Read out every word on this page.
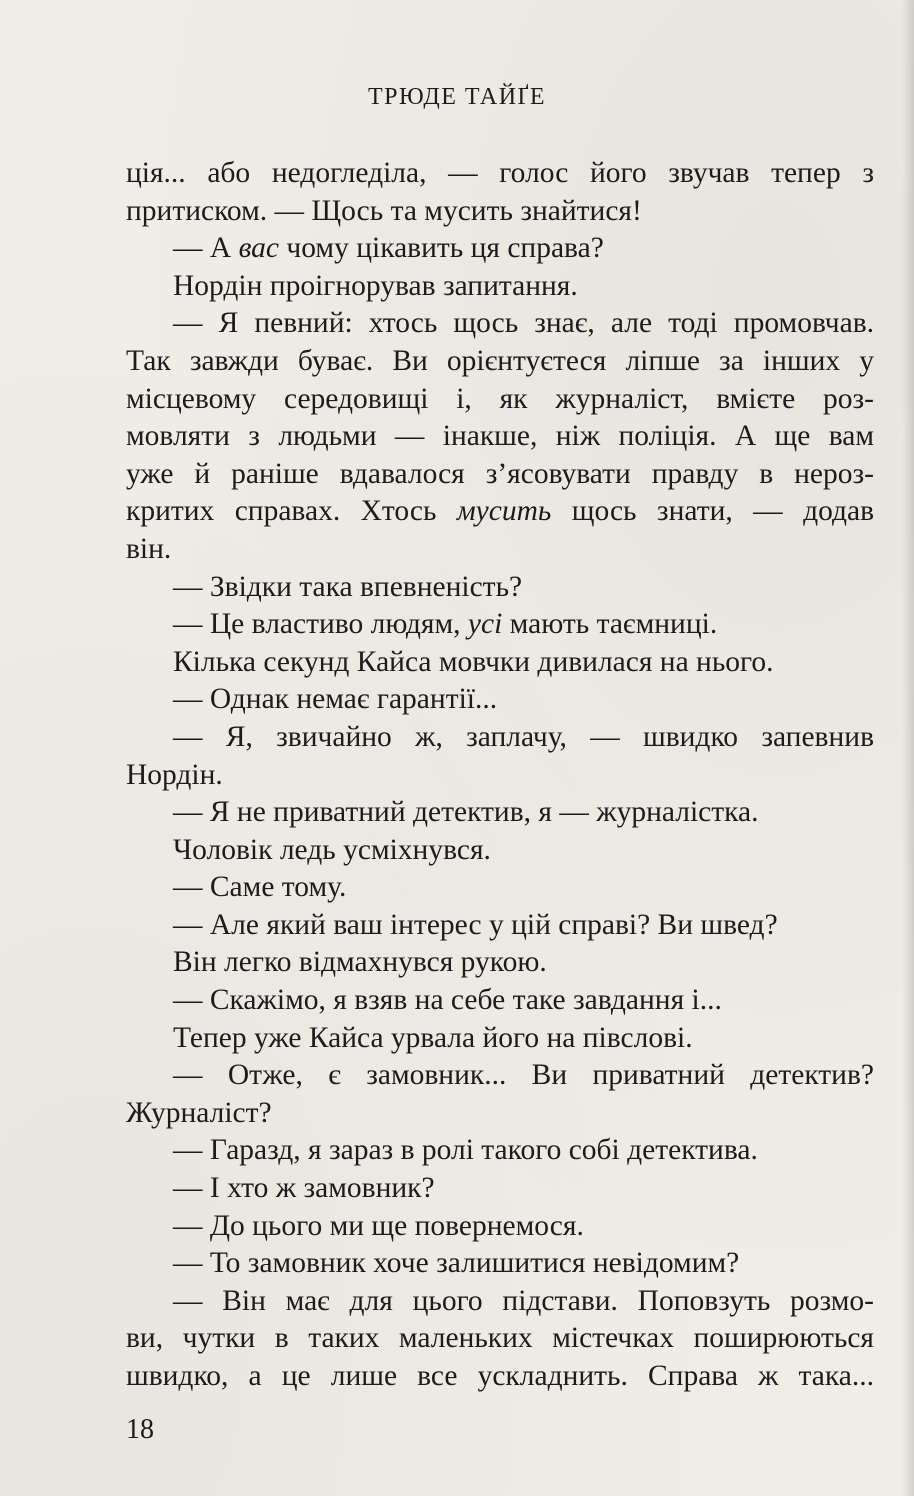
ТРЮДЕ ТАЙҐЕ
ція... або недогледіла, — голос його звучав тепер з
притиском. — Щось та мусить знайтися!
— А вас чому цікавить ця справа?
Нордін проігнорував запитання.
— Я певний: хтось щось знає, але тоді промовчав.
Так завжди буває. Ви орієнтуєтеся ліпше за інших у
місцевому середовищі і, як журналіст, вмієте роз-
мовляти з людьми — інакше, ніж поліція. А ще вам
уже й раніше вдавалося з’ясовувати правду в нероз-
критих справах. Хтось мусить щось знати, — додав
він.
— Звідки така впевненість?
— Це властиво людям, усі мають таємниці.
Кілька секунд Кайса мовчки дивилася на нього.
— Однак немає гарантії...
— Я, звичайно ж, заплачу, — швидко запевнив
Нордін.
— Я не приватний детектив, я — журналістка.
Чоловік ледь усміхнувся.
— Саме тому.
— Але який ваш інтерес у цій справі? Ви швед?
Він легко відмахнувся рукою.
— Скажімо, я взяв на себе таке завдання і...
Тепер уже Кайса урвала його на півслові.
— Отже, є замовник... Ви приватний детектив?
Журналіст?
— Гаразд, я зараз в ролі такого собі детектива.
— І хто ж замовник?
— До цього ми ще повернемося.
— То замовник хоче залишитися невідомим?
— Він має для цього підстави. Поповзуть розмо-
ви, чутки в таких маленьких містечках поширюються
швидко, а це лише все ускладнить. Справа ж така...
18
